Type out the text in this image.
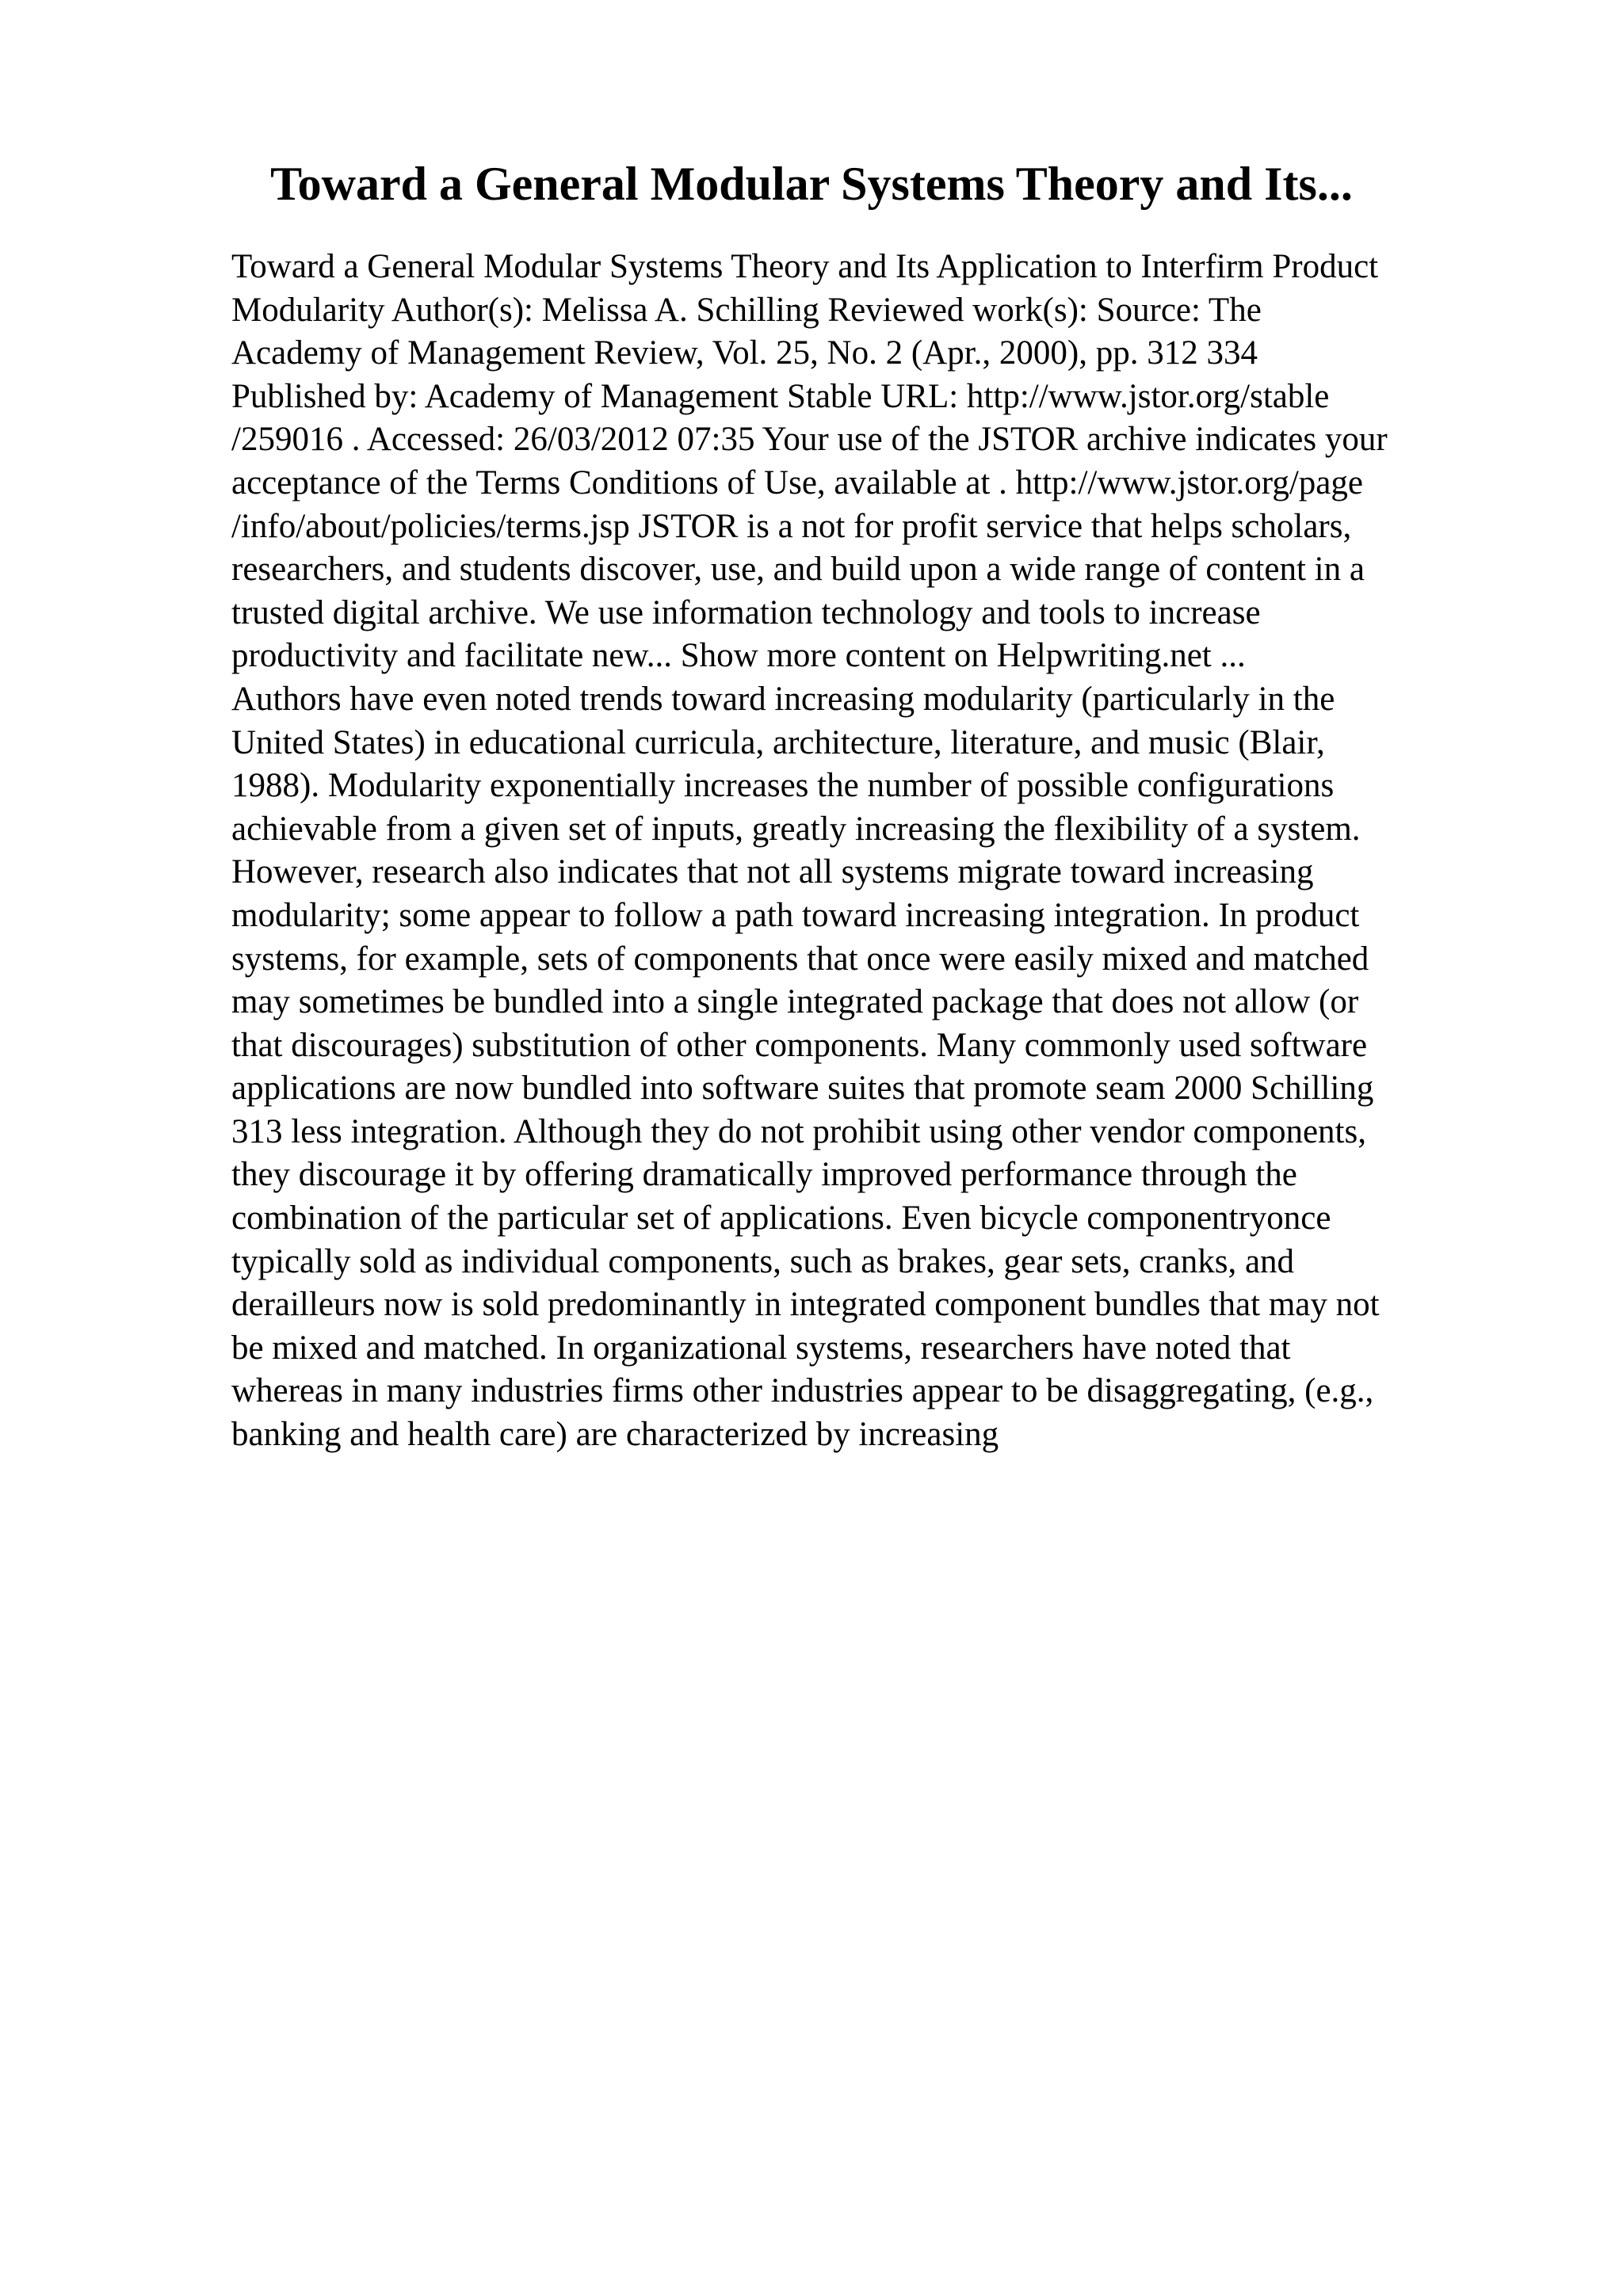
Toward a General Modular Systems Theory and Its...
Toward a General Modular Systems Theory and Its Application to Interfirm Product
Modularity Author(s): Melissa A. Schilling Reviewed work(s): Source: The
Academy of Management Review, Vol. 25, No. 2 (Apr., 2000), pp. 312 334
Published by: Academy of Management Stable URL: http://www.jstor.org/stable
/259016 . Accessed: 26/03/2012 07:35 Your use of the JSTOR archive indicates your
acceptance of the Terms Conditions of Use, available at . http://www.jstor.org/page
/info/about/policies/terms.jsp JSTOR is a not for profit service that helps scholars,
researchers, and students discover, use, and build upon a wide range of content in a
trusted digital archive. We use information technology and tools to increase
productivity and facilitate new... Show more content on Helpwriting.net ...
Authors have even noted trends toward increasing modularity (particularly in the
United States) in educational curricula, architecture, literature, and music (Blair,
1988). Modularity exponentially increases the number of possible configurations
achievable from a given set of inputs, greatly increasing the flexibility of a system.
However, research also indicates that not all systems migrate toward increasing
modularity; some appear to follow a path toward increasing integration. In product
systems, for example, sets of components that once were easily mixed and matched
may sometimes be bundled into a single integrated package that does not allow (or
that discourages) substitution of other components. Many commonly used software
applications are now bundled into software suites that promote seam 2000 Schilling
313 less integration. Although they do not prohibit using other vendor components,
they discourage it by offering dramatically improved performance through the
combination of the particular set of applications. Even bicycle componentryonce
typically sold as individual components, such as brakes, gear sets, cranks, and
derailleurs now is sold predominantly in integrated component bundles that may not
be mixed and matched. In organizational systems, researchers have noted that
whereas in many industries firms other industries appear to be disaggregating, (e.g.,
banking and health care) are characterized by increasing
